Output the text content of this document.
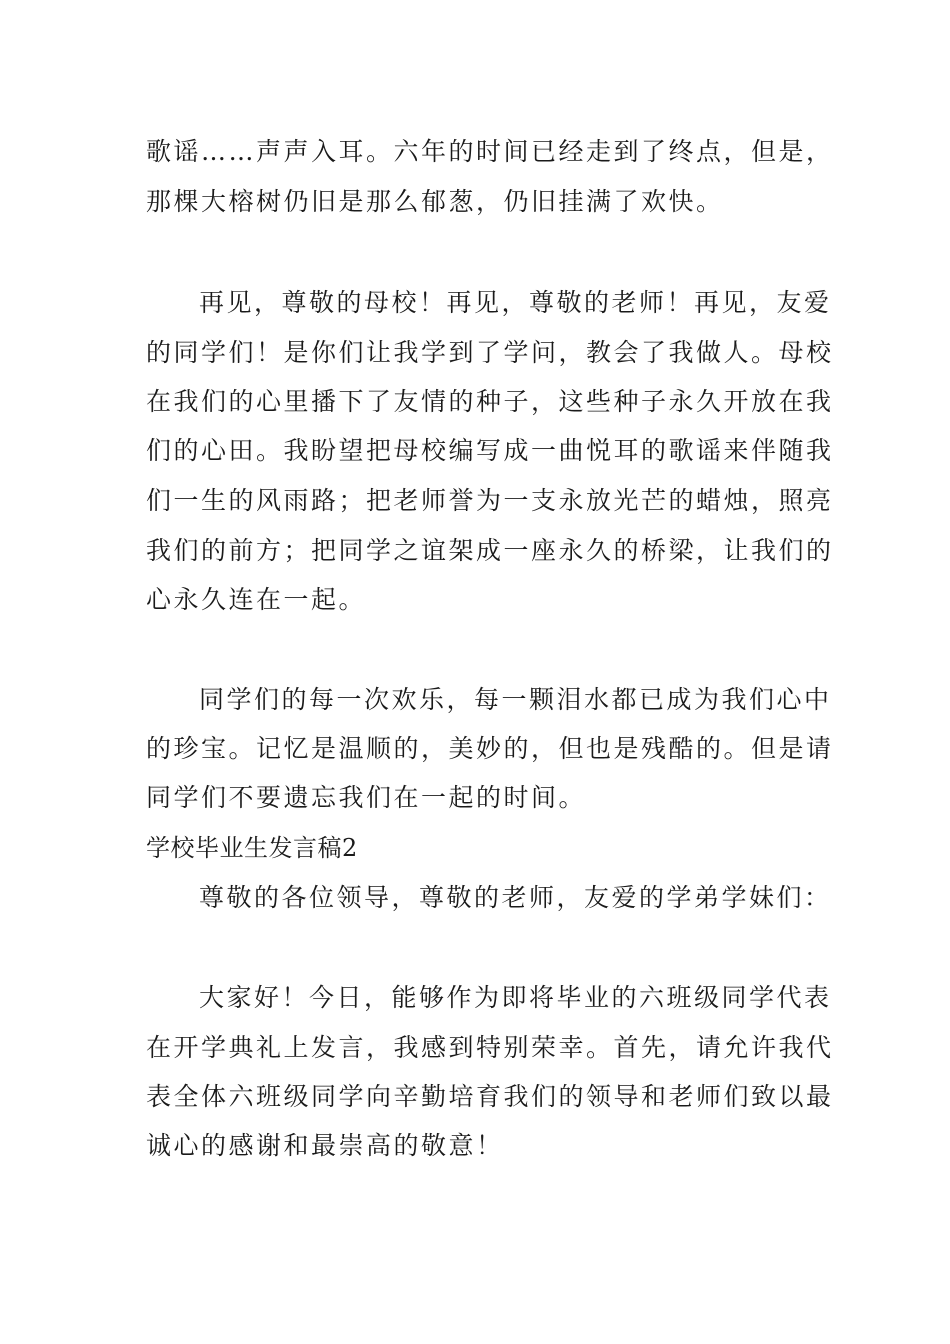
歌谣……声声入耳。六年的时间已经走到了终点，但是，
那棵大榕树仍旧是那么郁葱，仍旧挂满了欢快。
再见，尊敬的母校！再见，尊敬的老师！再见，友爱
的同学们！是你们让我学到了学问，教会了我做人。母校
在我们的心里播下了友情的种子，这些种子永久开放在我
们的心田。我盼望把母校编写成一曲悦耳的歌谣来伴随我
们一生的风雨路；把老师誉为一支永放光芒的蜡烛，照亮
我们的前方；把同学之谊架成一座永久的桥梁，让我们的
心永久连在一起。
同学们的每一次欢乐，每一颗泪水都已成为我们心中
的珍宝。记忆是温顺的，美妙的，但也是残酷的。但是请
同学们不要遗忘我们在一起的时间。
学校毕业生发言稿2
尊敬的各位领导，尊敬的老师，友爱的学弟学妹们：
大家好！今日，能够作为即将毕业的六班级同学代表
在开学典礼上发言，我感到特别荣幸。首先，请允许我代
表全体六班级同学向辛勤培育我们的领导和老师们致以最
诚心的感谢和最崇高的敬意！
